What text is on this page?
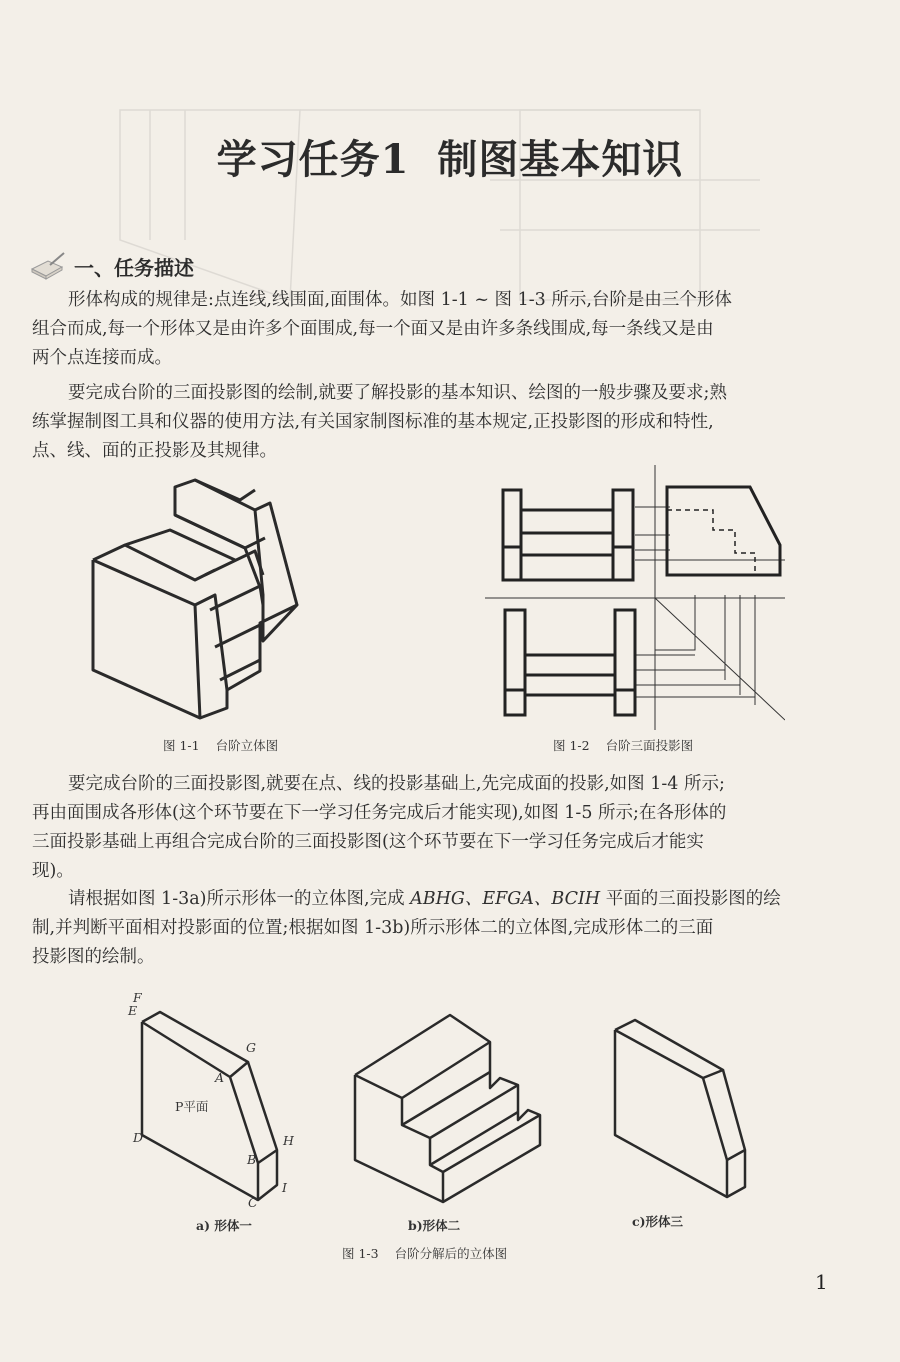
学习任务1 制图基本知识
一、任务描述
形体构成的规律是:点连线,线围面,面围体。如图 1-1 ~ 图 1-3 所示,台阶是由三个形体
组合而成,每一个形体又是由许多个面围成,每一个面又是由许多条线围成,每一条线又是由
两个点连接而成。
要完成台阶的三面投影图的绘制,就要了解投影的基本知识、绘图的一般步骤及要求;熟
练掌握制图工具和仪器的使用方法,有关国家制图标准的基本规定,正投影图的形成和特性,
点、线、面的正投影及其规律。
图 1-1 台阶立体图	图 1-2 台阶三面投影图
要完成台阶的三面投影图,就要在点、线的投影基础上,先完成面的投影,如图 1-4 所示;
再由面围成各形体(这个环节要在下一学习任务完成后才能实现),如图 1-5 所示;在各形体的
三面投影基础上再组合完成台阶的三面投影图(这个环节要在下一学习任务完成后才能实
现)。
请根据如图 1-3a)所示形体一的立体图,完成 ABHG、EFGA、BCIH 平面的三面投影图的绘
制,并判断平面相对投影面的位置;根据如图 1-3b)所示形体二的立体图,完成形体二的三面
投影图的绘制。
F
E
G
A
P平面
D	H
B
I
C
a) 形体一	b)形体二	c)形体三
图 1-3 台阶分解后的立体图
1
